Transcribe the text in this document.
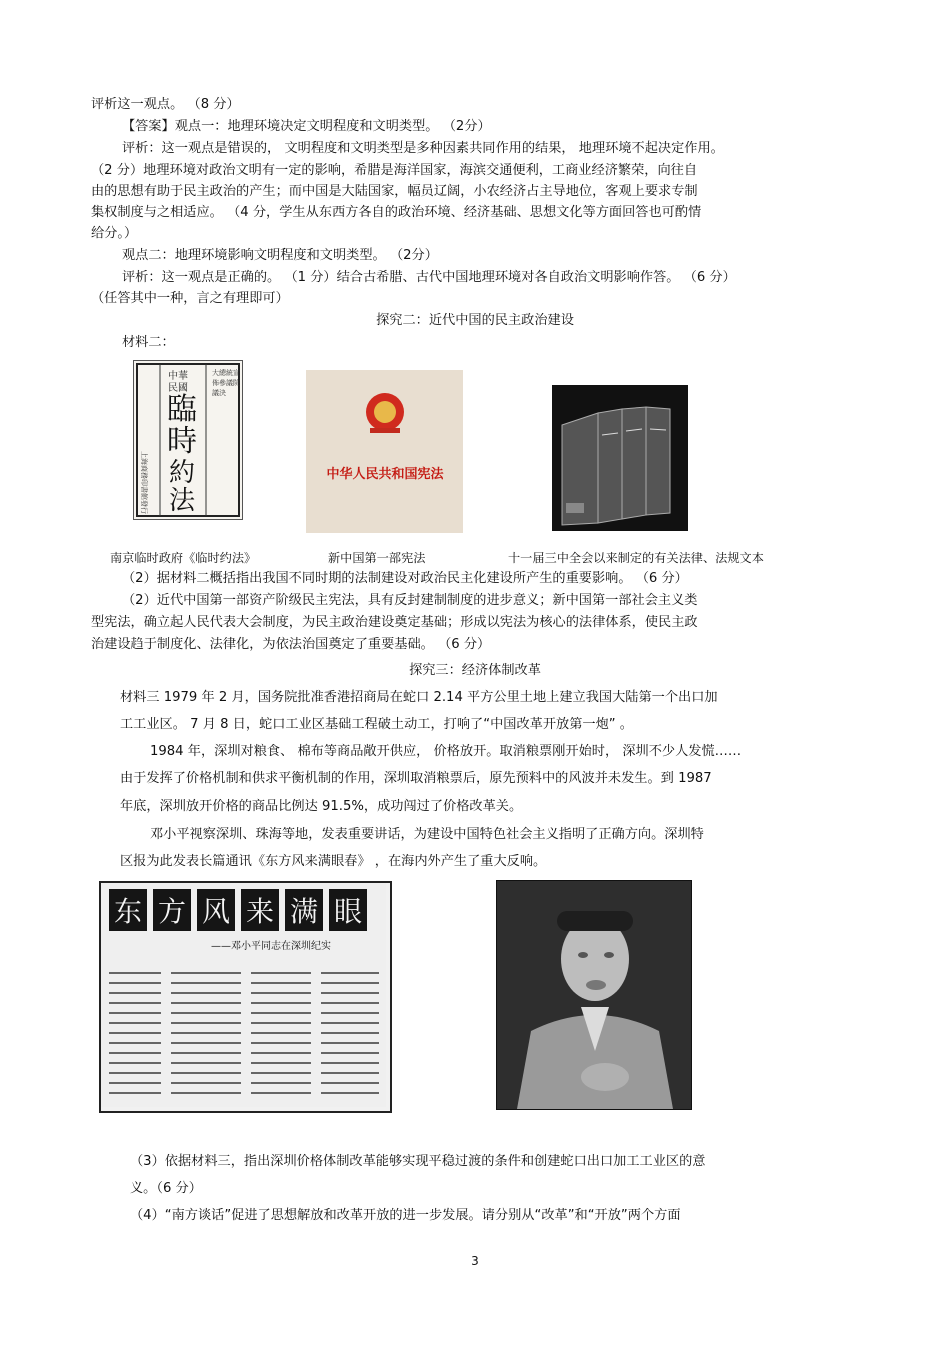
评析这一观点。 （8 分）

【答案】观点一：地理环境决定文明程度和文明类型。 （2分）

评析：这一观点是错误的， 文明程度和文明类型是多种因素共同作用的结果， 地理环境不起决定作用。

（2 分）地理环境对政治文明有一定的影响，希腊是海洋国家，海滨交通便利，工商业经济繁荣，向往自

由的思想有助于民主政治的产生；而中国是大陆国家，幅员辽阔，小农经济占主导地位，客观上要求专制

集权制度与之相适应。 （4 分，学生从东西方各自的政治环境、经济基础、思想文化等方面回答也可酌情

给分。）

观点二：地理环境影响文明程度和文明类型。 （2分）

评析：这一观点是正确的。 （1 分）结合古希腊、古代中国地理环境对各自政治文明影响作答。 （6 分）

（任答其中一种，言之有理即可）

探究二：近代中国的民主政治建设

材料二：

臨
時
約
法
中華
民國
大總統宣
佈參議院
議決
上海商務印書館發行	中华人民共和国宪法
南京临时政府《临时约法》	新中国第一部宪法	十一届三中全会以来制定的有关法律、法规文本

（2）据材料二概括指出我国不同时期的法制建设对政治民主化建设所产生的重要影响。 （6 分）

（2）近代中国第一部资产阶级民主宪法，具有反封建制制度的进步意义；新中国第一部社会主义类

型宪法，确立起人民代表大会制度，为民主政治建设奠定基础；形成以宪法为核心的法律体系，使民主政

治建设趋于制度化、法律化，为依法治国奠定了重要基础。 （6 分）

探究三：经济体制改革

材料三 1979 年 2 月，国务院批准香港招商局在蛇口 2.14 平方公里土地上建立我国大陆第一个出口加

工工业区。 7 月 8 日，蛇口工业区基础工程破土动工，打响了“中国改革开放第一炮” 。

1984 年，深圳对粮食、 棉布等商品敞开供应， 价格放开。取消粮票刚开始时， 深圳不少人发慌……

由于发挥了价格机制和供求平衡机制的作用，深圳取消粮票后，原先预料中的风波并未发生。到 1987

年底，深圳放开价格的商品比例达 91.5%，成功闯过了价格改革关。

邓小平视察深圳、珠海等地，发表重要讲话，为建设中国特色社会主义指明了正确方向。深圳特

区报为此发表长篇通讯《东方风来满眼春》 ，在海内外产生了重大反响。

东 方 风 来 满 眼
——邓小平同志在深圳纪实

（3）依据材料三，指出深圳价格体制改革能够实现平稳过渡的条件和创建蛇口出口加工工业区的意

义。（6 分）

（4）“南方谈话”促进了思想解放和改革开放的进一步发展。请分别从“改革”和“开放”两个方面

3
